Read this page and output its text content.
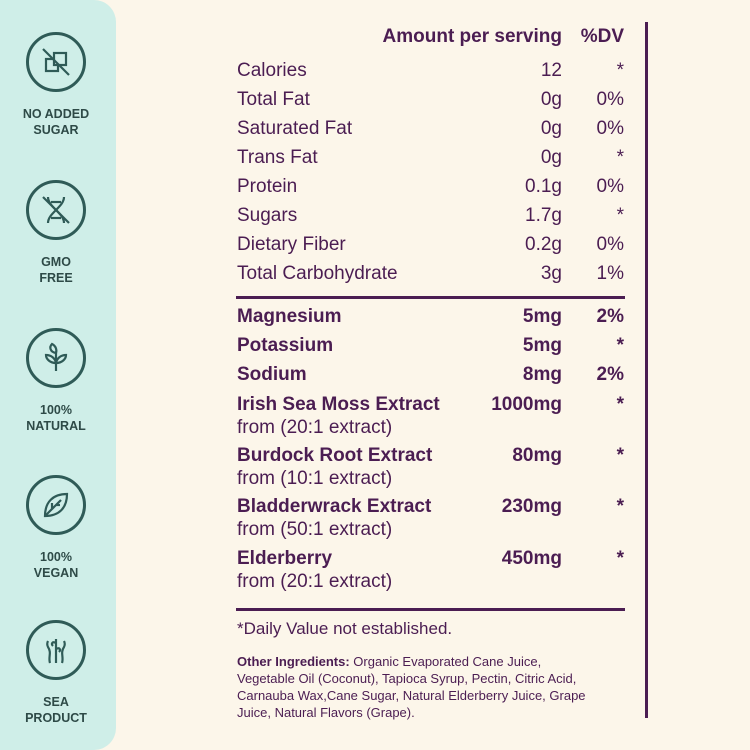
NO ADDED
SUGAR
GMO
FREE
100%
NATURAL
100%
VEGAN
SEA
PRODUCT
Amount per serving %DV
Calories	12	*
Total Fat	0g 0%
Saturated Fat	0g 0%
Trans Fat	0g	*
Protein	0.1g 0%
Sugars	1.7g	*
Dietary Fiber	0.2g 0%
Total Carbohydrate	3g 1%
Magnesium	5mg 2%
Potassium	5mg	*
Sodium	8mg 2%
Irish Sea Moss Extract	1000mg	*
from (20:1 extract)
Burdock Root Extract	80mg	*
from (10:1 extract)
Bladderwrack Extract	230mg	*
from (50:1 extract)
Elderberry	450mg	*
from (20:1 extract)
*Daily Value not established.
Other Ingredients: Organic Evaporated Cane Juice, Vegetable Oil (Coconut), Tapioca Syrup, Pectin, Citric Acid, Carnauba Wax,Cane Sugar, Natural Elderberry Juice, Grape Juice, Natural Flavors (Grape).
